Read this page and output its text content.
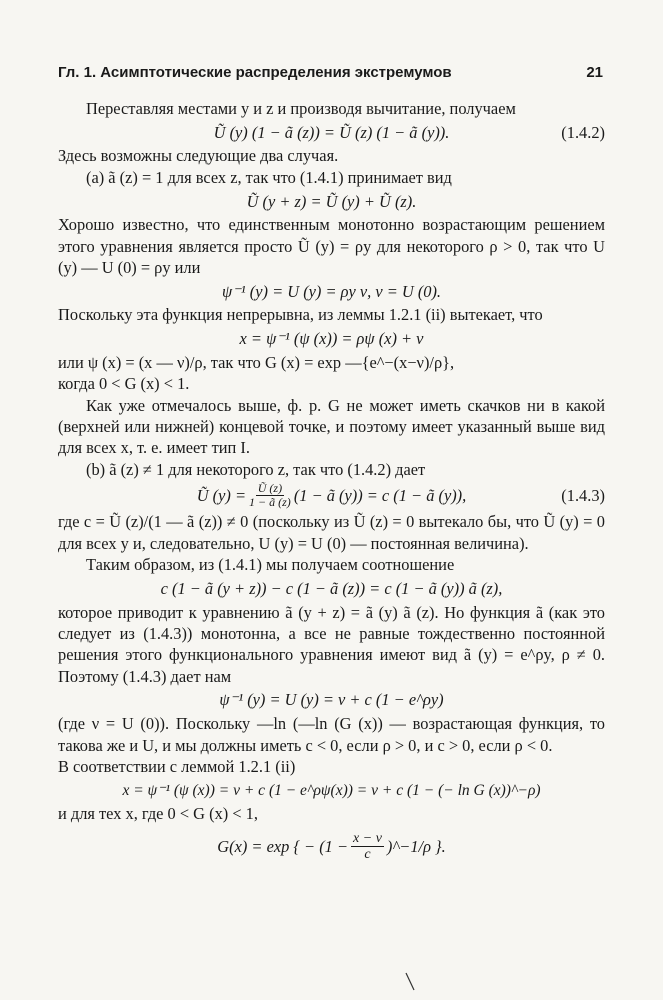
Гл. 1. Асимптотические распределения экстремумов	21

Переставляя местами y и z и производя вычитание, получаем

Ũ (y) (1 − ã (z)) = Ũ (z) (1 − ã (y)).	(1.4.2)

Здесь возможны следующие два случая.

(а) ã (z) = 1 для всех z, так что (1.4.1) принимает вид

Ũ (y + z) = Ũ (y) + Ũ (z).

Хорошо известно, что единственным монотонно возрастающим решением этого уравнения является просто Ũ (y) = ρy для некоторого ρ > 0, так что U (y) — U (0) = ρy или

ψ⁻¹ (y) = U (y) = ρy ν, ν = U (0).

Поскольку эта функция непрерывна, из леммы 1.2.1 (ii) вытекает, что

x = ψ⁻¹ (ψ (x)) = ρψ (x) + ν

или ψ (x) = (x — ν)/ρ, так что G (x) = exp —{e^−(x−ν)/ρ},

когда 0 < G (x) < 1.

Как уже отмечалось выше, ф. р. G не может иметь скачков ни в какой (верхней или нижней) концевой точке, и поэтому имеет указанный выше вид для всех x, т. е. имеет тип I.

(b) ã (z) ≠ 1 для некоторого z, так что (1.4.2) дает

Ũ $(y) = \frac{Ũ (z)}{1 - ã (z)} (1$ − ã (y)) = c (1 − ã (y)),	(1.4.3)

где c = Ũ (z)/(1 — ã (z)) ≠ 0 (поскольку из Ũ (z) = 0 вытекало бы, что Ũ (y) = 0 для всех y и, следовательно, U (y) = U (0) — постоянная величина).

Таким образом, из (1.4.1) мы получаем соотношение

c (1 − ã (y + z)) − c (1 − ã (z)) = c (1 − ã (y)) ã (z),

которое приводит к уравнению ã (y + z) = ã (y) ã (z). Но функция ã (как это следует из (1.4.3)) монотонна, а все не равные тождественно постоянной решения этого функционального уравнения имеют вид ã (y) = e^ρy, ρ ≠ 0. Поэтому (1.4.3) дает нам

ψ⁻¹ (y) = U (y) = ν + c (1 − e^ρy)

(где ν = U (0)). Поскольку —ln (—ln (G (x)) — возрастающая функция, то такова же и U, и мы должны иметь c < 0, если ρ > 0, и c > 0, если ρ < 0.

В соответствии с леммой 1.2.1 (ii)

x = ψ⁻¹ (ψ (x)) = ν + c (1 − e^ρψ(x)) = ν + c (1 − (− ln G (x))^−ρ)

и для тех x, где 0 < G (x) < 1,

G(x) = exp { − ($1 - \frac{x - \nu}{c}$ )^−1/ρ }.
